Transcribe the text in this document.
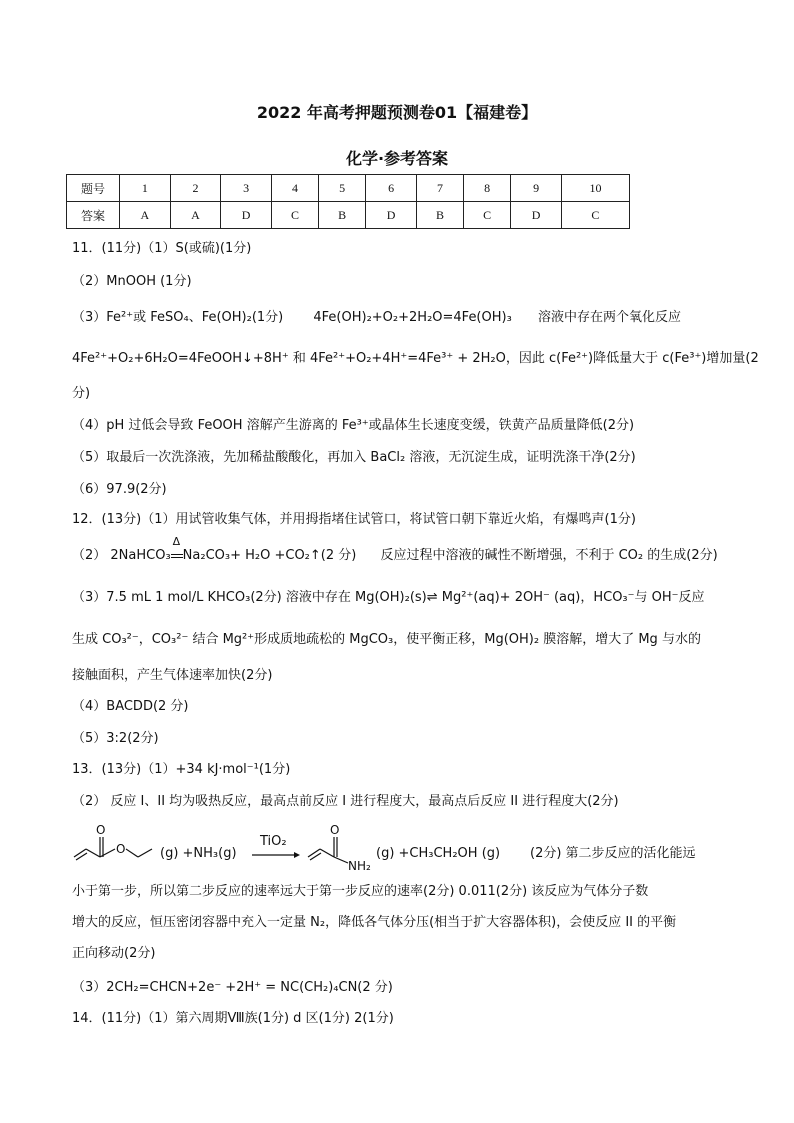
2022 年高考押题预测卷01【福建卷】
化学·参考答案
题号	1	2	3	4	5	6	7	8	9	10
答案	A	A	D	C	B	D	B	C	D	C
11．(11分)（1）S(或硫)(1分)
（2）MnOOH (1分)
（3）Fe²⁺或 FeSO₄、Fe(OH)₂(1分) 4Fe(OH)₂+O₂+2H₂O=4Fe(OH)₃ 溶液中存在两个氧化反应
4Fe²⁺+O₂+6H₂O=4FeOOH↓+8H⁺ 和 4Fe²⁺+O₂+4H⁺=4Fe³⁺ + 2H₂O，因此 c(Fe²⁺)降低量大于 c(Fe³⁺)增加量(2
分)
（4）pH 过低会导致 FeOOH 溶解产生游离的 Fe³⁺或晶体生长速度变缓，铁黄产品质量降低(2分)
（5）取最后一次洗涤液，先加稀盐酸酸化，再加入 BaCl₂ 溶液，无沉淀生成，证明洗涤干净(2分)
（6）97.9(2分)
12．(13分)（1）用试管收集气体，并用拇指堵住试管口，将试管口朝下靠近火焰，有爆鸣声(1分)
（2） 2NaHCO₃
Δ
Na₂CO₃+ H₂O +CO₂↑(2 分) 反应过程中溶液的碱性不断增强，不利于 CO₂ 的生成(2分)
（3）7.5 mL 1 mol/L KHCO₃(2分) 溶液中存在 Mg(OH)₂(s)⇌ Mg²⁺(aq)+ 2OH⁻ (aq)，HCO₃⁻与 OH⁻反应
生成 CO₃²⁻，CO₃²⁻ 结合 Mg²⁺形成质地疏松的 MgCO₃，使平衡正移，Mg(OH)₂ 膜溶解，增大了 Mg 与水的
接触面积，产生气体速率加快(2分)
（4）BACDD(2 分)
（5）3:2(2分)
13．(13分)（1）+34 kJ·mol⁻¹(1分)
（2） 反应 I、II 均为吸热反应，最高点前反应 I 进行程度大，最高点后反应 II 进行程度大(2分)
O
O	(g) +NH₃(g)
TiO₂
O
NH₂
(g) +CH₃CH₂OH (g) (2分) 第二步反应的活化能远
小于第一步，所以第二步反应的速率远大于第一步反应的速率(2分) 0.011(2分) 该反应为气体分子数
增大的反应，恒压密闭容器中充入一定量 N₂，降低各气体分压(相当于扩大容器体积)，会使反应 II 的平衡
正向移动(2分)
（3）2CH₂=CHCN+2e⁻ +2H⁺ = NC(CH₂)₄CN(2 分)
14．(11分)（1）第六周期Ⅷ族(1分) d 区(1分) 2(1分)
